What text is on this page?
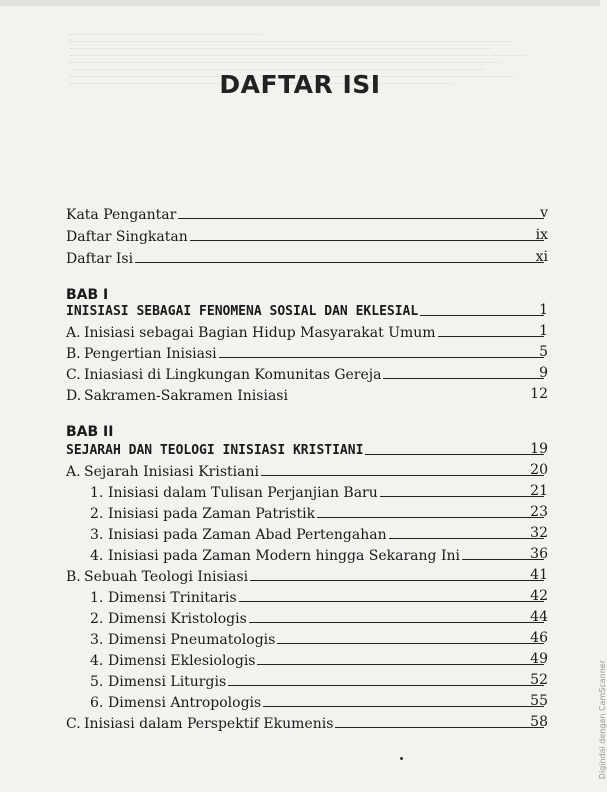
DAFTAR ISI
Kata Pengantar	v
Daftar Singkatan	ix
Daftar Isi	xi
BAB I
INISIASI SEBAGAI FENOMENA SOSIAL DAN EKLESIAL	1
A. Inisiasi sebagai Bagian Hidup Masyarakat Umum	1
B. Pengertian Inisiasi	5
C. Iniasiasi di Lingkungan Komunitas Gereja	9
D. Sakramen-Sakramen Inisiasi	12
BAB II
SEJARAH DAN TEOLOGI INISIASI KRISTIANI	19
A. Sejarah Inisiasi Kristiani	20
1. Inisiasi dalam Tulisan Perjanjian Baru	21
2. Inisiasi pada Zaman Patristik	23
3. Inisiasi pada Zaman Abad Pertengahan	32
4. Inisiasi pada Zaman Modern hingga Sekarang Ini	36
B. Sebuah Teologi Inisiasi	41
1. Dimensi Trinitaris	42
2. Dimensi Kristologis	44
3. Dimensi Pneumatologis	46
4. Dimensi Eklesiologis	49
5. Dimensi Liturgis	52
6. Dimensi Antropologis	55
C. Inisiasi dalam Perspektif Ekumenis	58	Digindai dengan CamScanner
